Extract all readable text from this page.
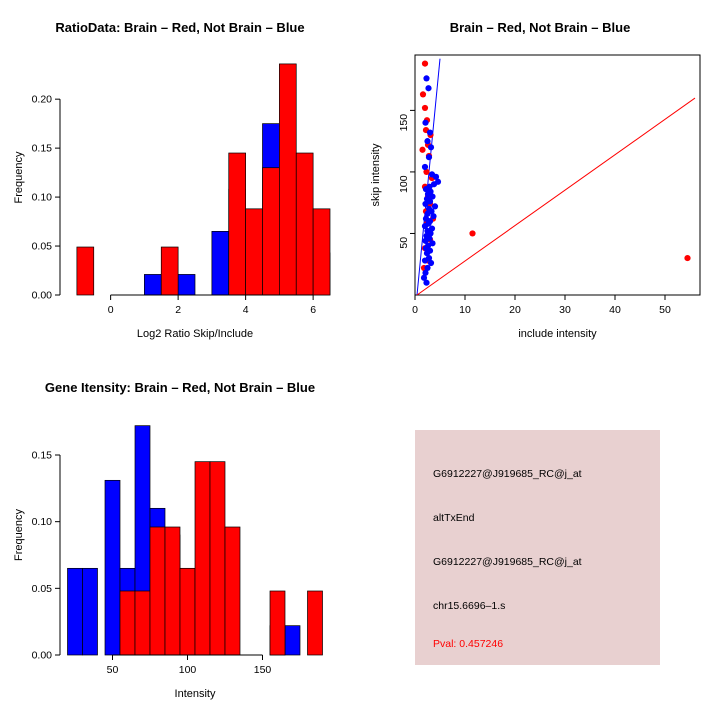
RatioData: Brain – Red, Not Brain – Blue
0.00
0.05
0.10
0.15
0.20
0	2	4	6
Log2 Ratio Skip/Include
Frequency
Brain – Red, Not Brain – Blue
0	10	20	30	40	50
50
100
150
include intensity
skip intensity
Gene Itensity: Brain – Red, Not Brain – Blue
0.00
0.05
0.10
0.15
50	100	150
Intensity
Frequency
G6912227@J919685_RC@j_at
altTxEnd
G6912227@J919685_RC@j_at
chr15.6696–1.s
Pval: 0.457246
